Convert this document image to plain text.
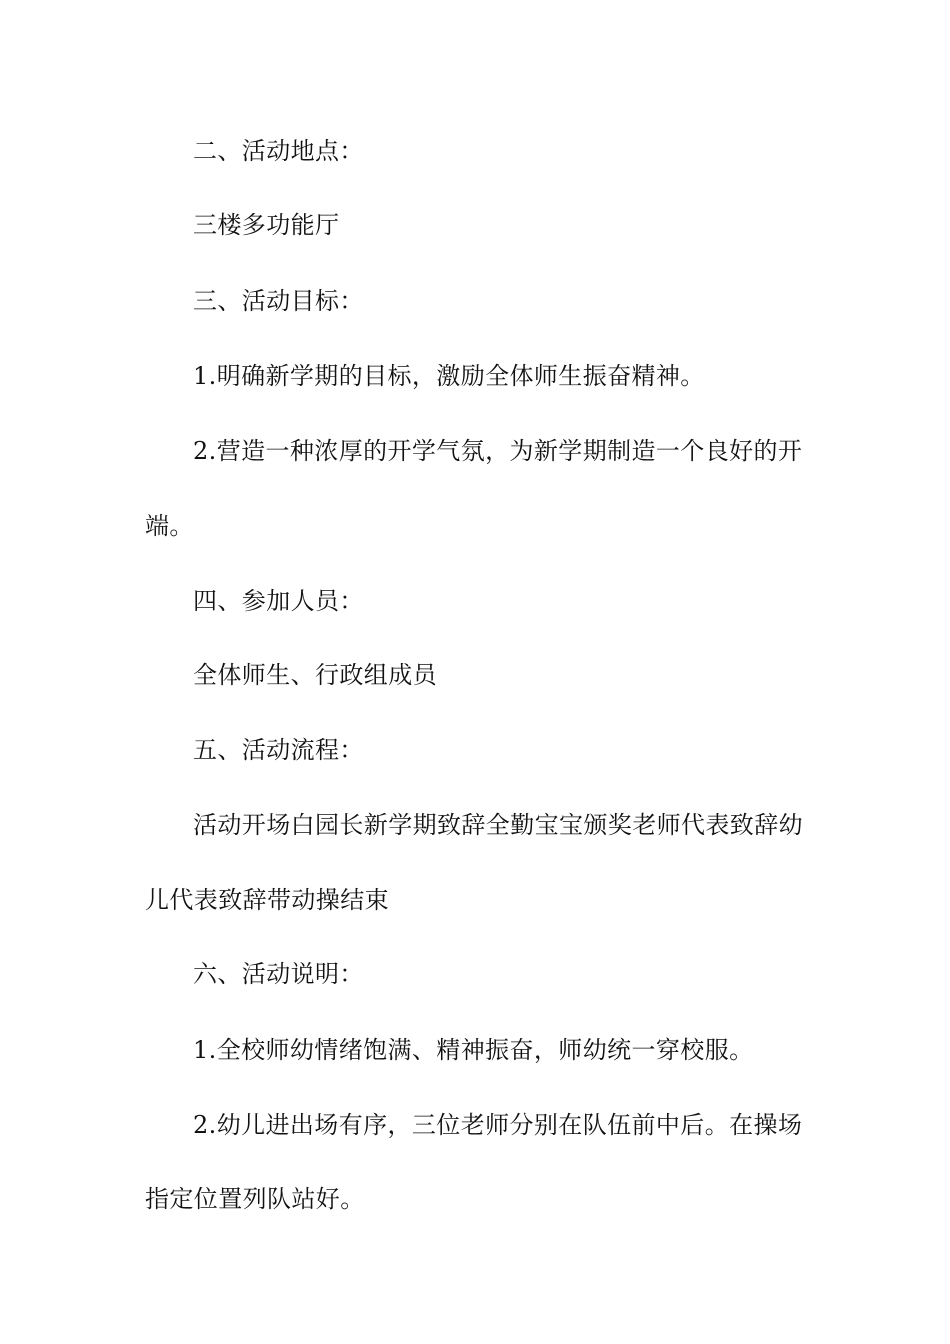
二、活动地点：
三楼多功能厅
三、活动目标：
1.明确新学期的目标，激励全体师生振奋精神。
2.营造一种浓厚的开学气氛，为新学期制造一个良好的开
端。
四、参加人员：
全体师生、行政组成员
五、活动流程：
活动开场白园长新学期致辞全勤宝宝颁奖老师代表致辞幼
儿代表致辞带动操结束
六、活动说明：
1.全校师幼情绪饱满、精神振奋，师幼统一穿校服。
2.幼儿进出场有序，三位老师分别在队伍前中后。在操场
指定位置列队站好。
